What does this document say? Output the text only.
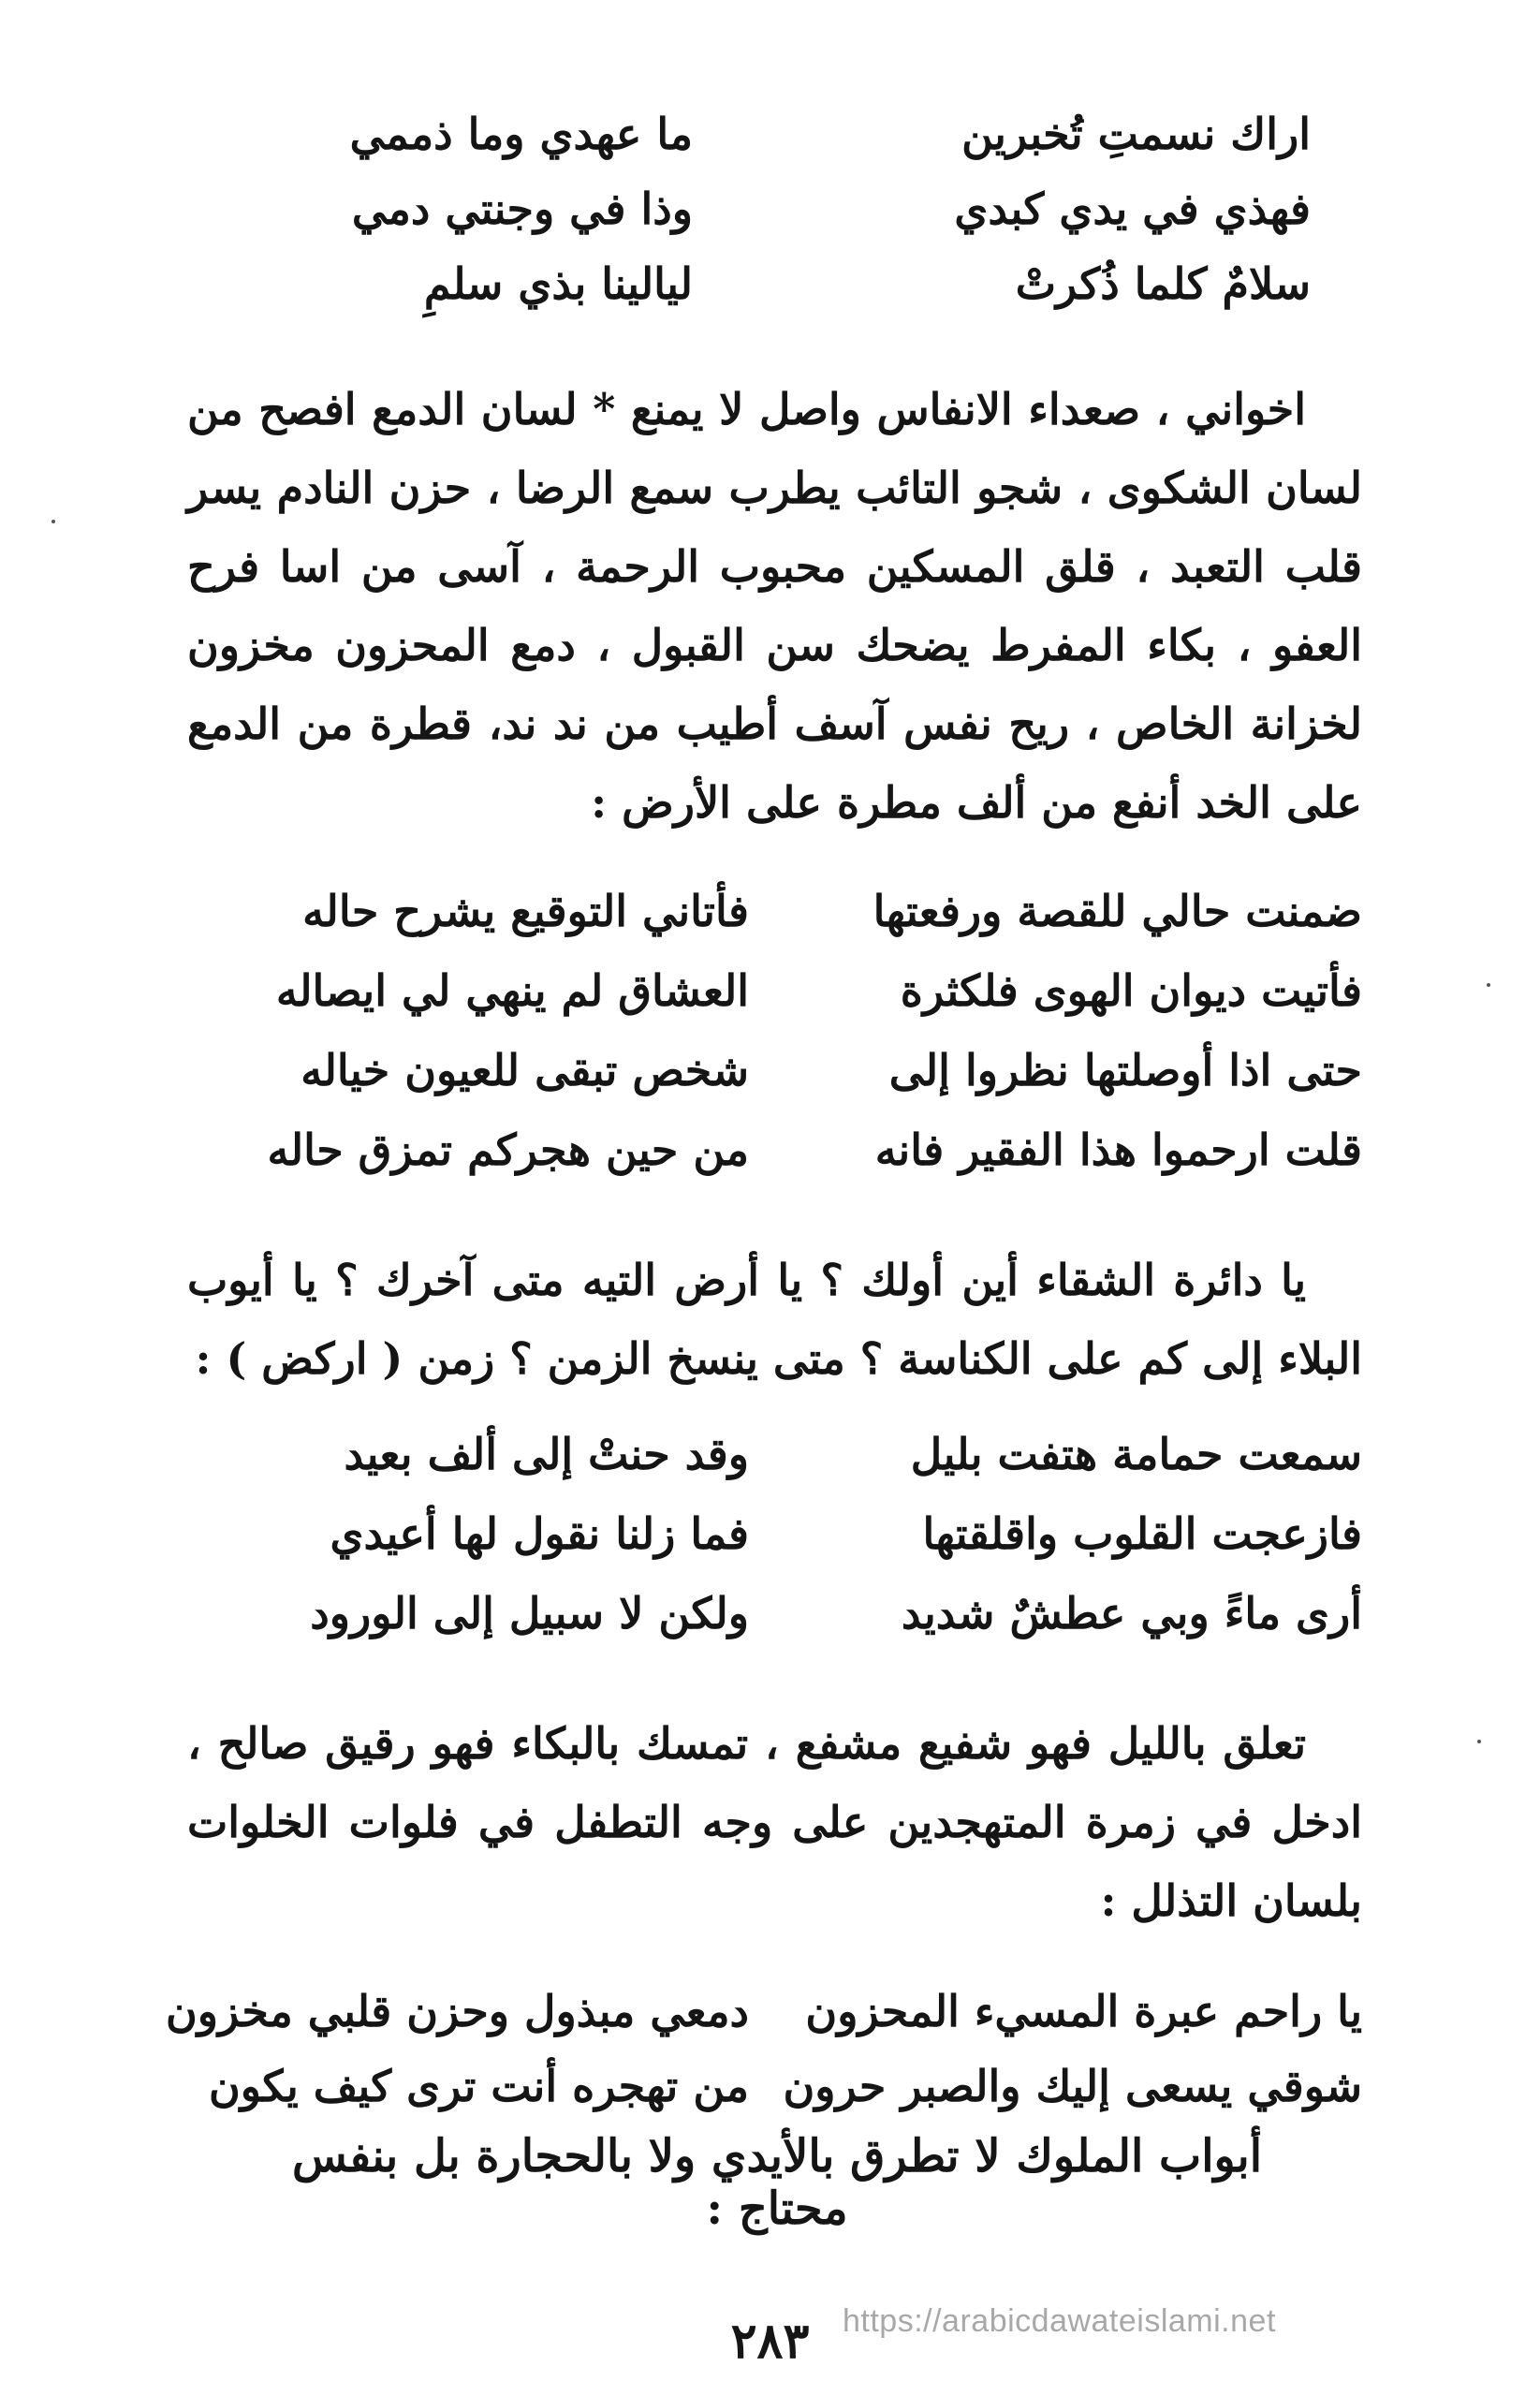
اراك نسمتِ تُخبرين
ما عهدي وما ذممي
فهذي في يدي كبدي
وذا في وجنتي دمي
سلامٌ كلما ذُكرتْ
ليالينا بذي سلمِ
اخواني ، صعداء الانفاس واصل لا يمنع * لسان الدمع افصح من لسان الشكوى ، شجو التائب يطرب سمع الرضا ، حزن النادم يسر قلب التعبد ، قلق المسكين محبوب الرحمة ، آسى من اسا فرح العفو ، بكاء المفرط يضحك سن القبول ، دمع المحزون مخزون لخزانة الخاص ، ريح نفس آسف أطيب من ند ند، قطرة من الدمع على الخد أنفع من ألف مطرة على الأرض :
ضمنت حالي للقصة ورفعتها
فأتاني التوقيع يشرح حاله
فأتيت ديوان الهوى فلكثرة
العشاق لم ينهي لي ايصاله
حتى اذا أوصلتها نظروا إلى
شخص تبقى للعيون خياله
قلت ارحموا هذا الفقير فانه
من حين هجركم تمزق حاله
يا دائرة الشقاء أين أولك ؟ يا أرض التيه متى آخرك ؟ يا أيوب البلاء إلى كم على الكناسة ؟ متى ينسخ الزمن ؟ زمن ( اركض ) :
سمعت حمامة هتفت بليل
وقد حنتْ إلى ألف بعيد
فازعجت القلوب واقلقتها
فما زلنا نقول لها أعيدي
أرى ماءً وبي عطشٌ شديد
ولكن لا سبيل إلى الورود
تعلق بالليل فهو شفيع مشفع ، تمسك بالبكاء فهو رقيق صالح ، ادخل في زمرة المتهجدين على وجه التطفل في فلوات الخلوات بلسان التذلل :
يا راحم عبرة المسيء المحزون
دمعي مبذول وحزن قلبي مخزون
شوقي يسعى إليك والصبر حرون
من تهجره أنت ترى كيف يكون
أبواب الملوك لا تطرق بالأيدي ولا بالحجارة بل بنفس محتاج :
٢٨٣	https://arabicdawateislami.net
